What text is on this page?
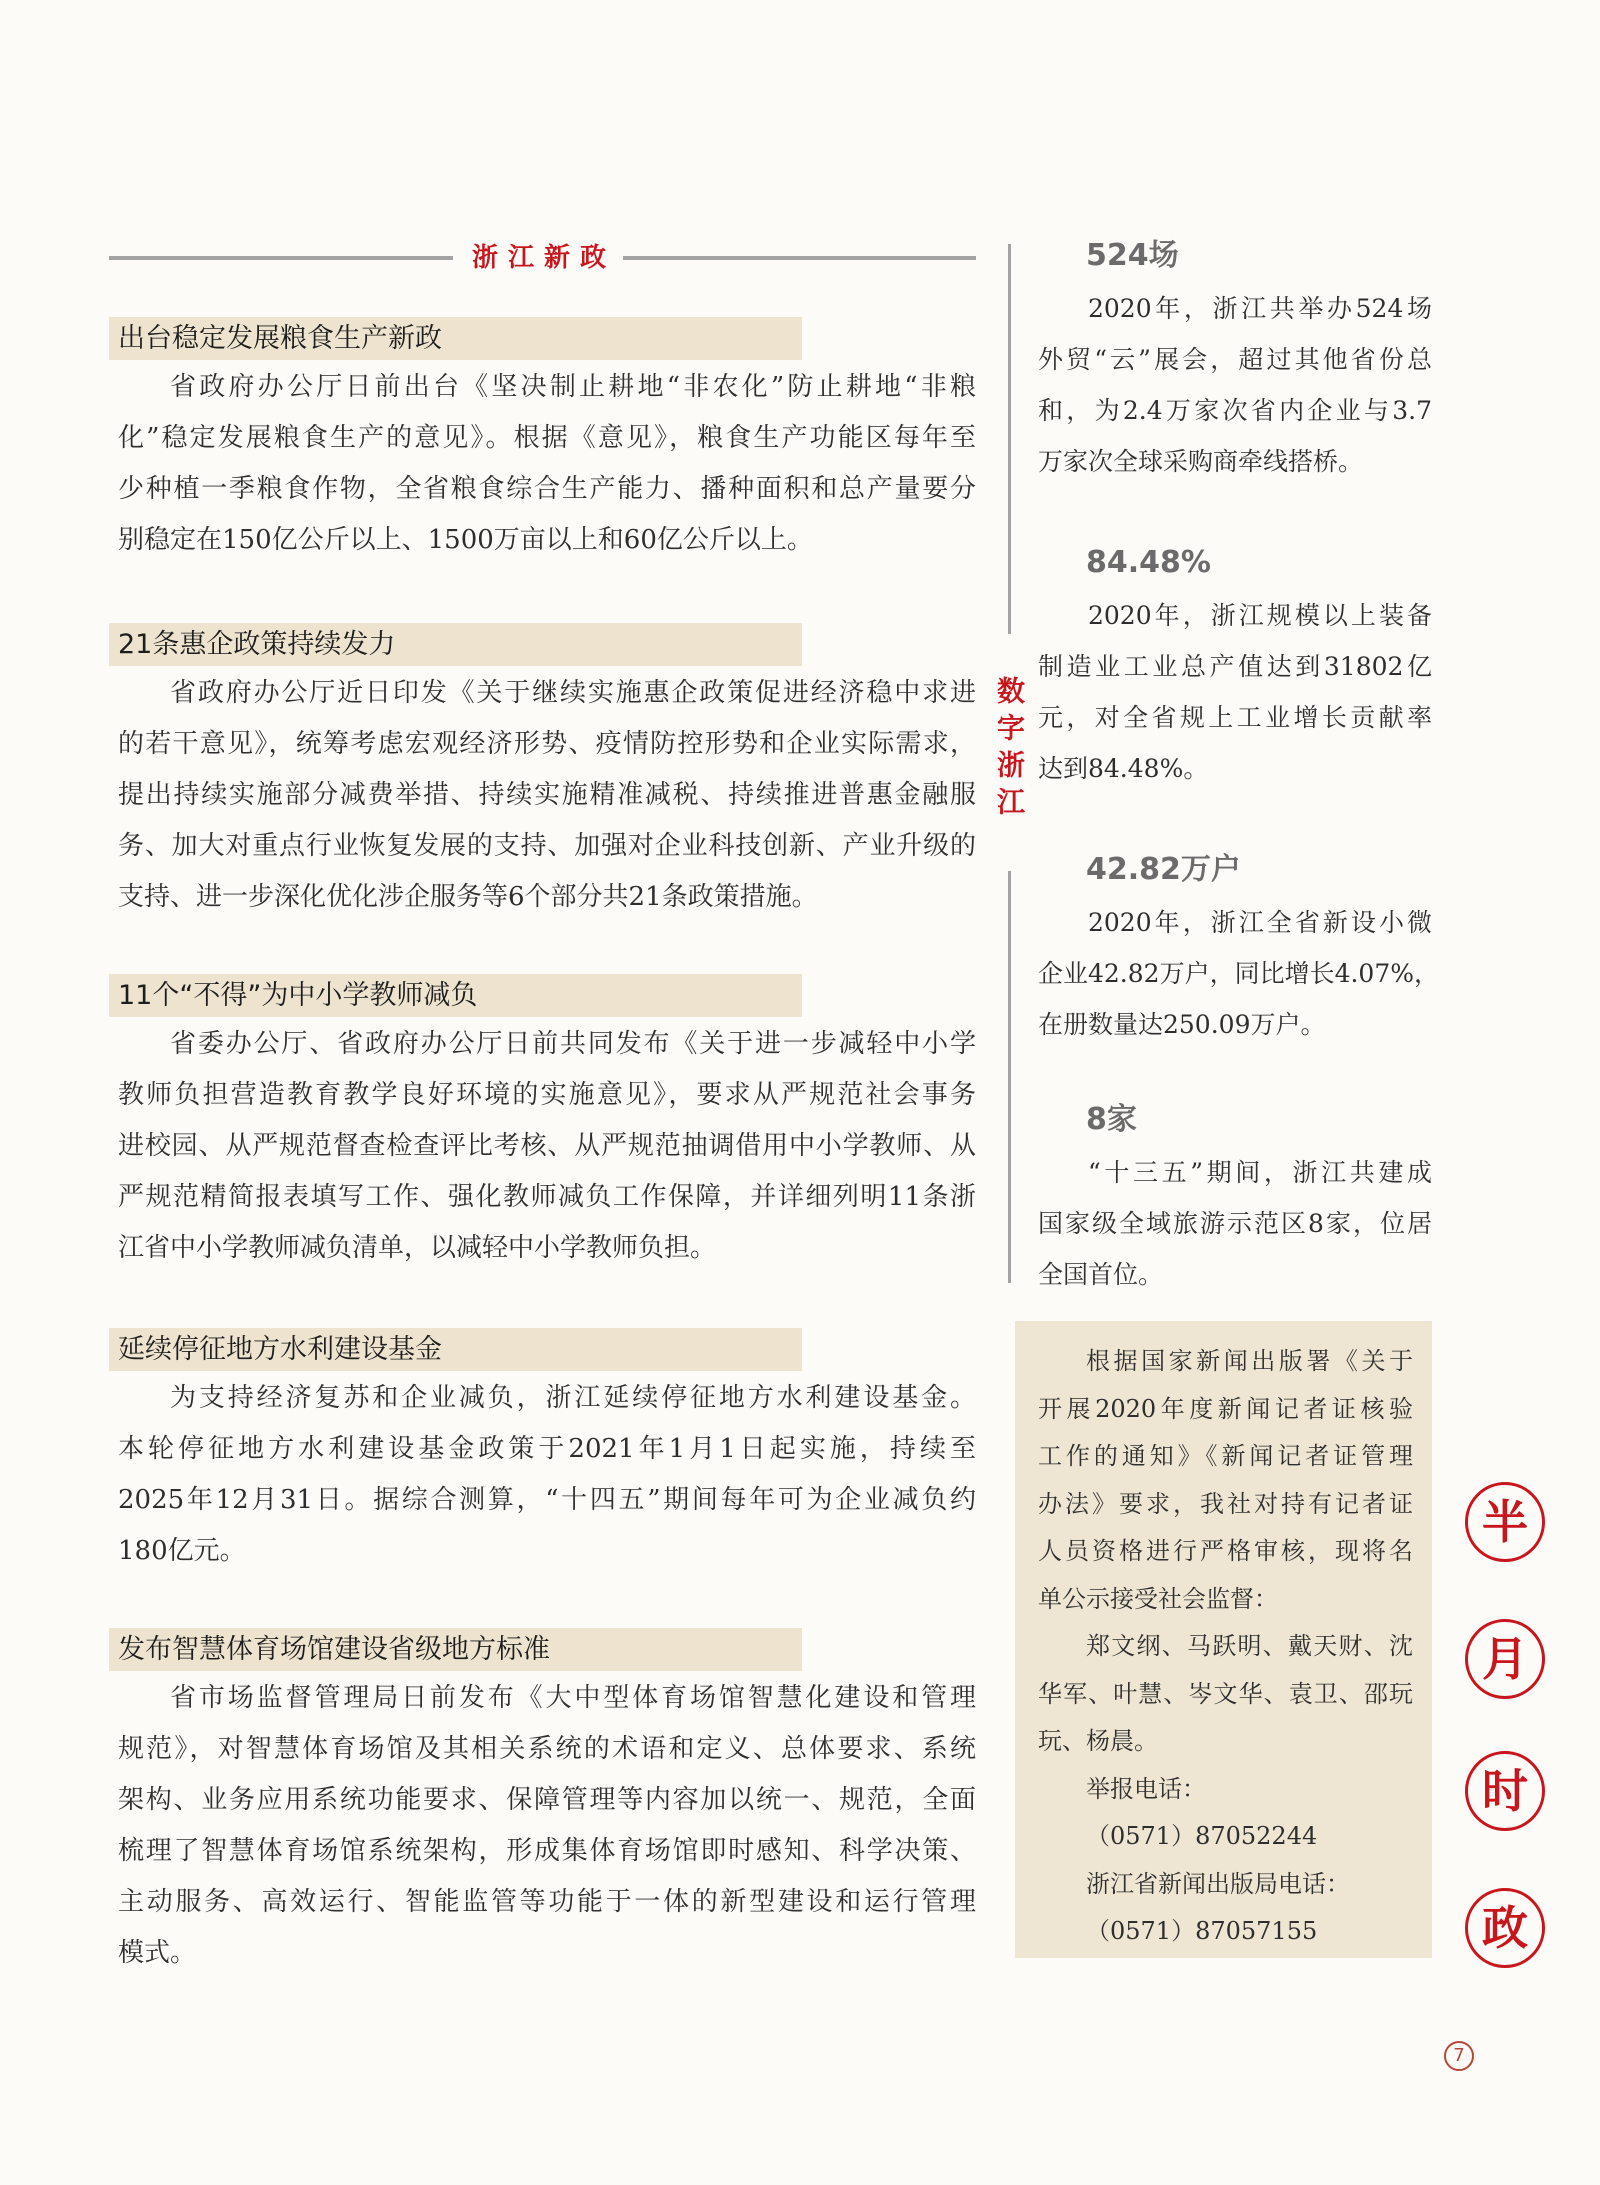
浙江新政
出台稳定发展粮食生产新政
省政府办公厅日前出台《坚决制止耕地“非农化”防止耕地“非粮
化”稳定发展粮食生产的意见》。根据《意见》，粮食生产功能区每年至
少种植一季粮食作物，全省粮食综合生产能力、播种面积和总产量要分
别稳定在150亿公斤以上、1500万亩以上和60亿公斤以上。
21条惠企政策持续发力
省政府办公厅近日印发《关于继续实施惠企政策促进经济稳中求进
的若干意见》，统筹考虑宏观经济形势、疫情防控形势和企业实际需求，
提出持续实施部分减费举措、持续实施精准减税、持续推进普惠金融服
务、加大对重点行业恢复发展的支持、加强对企业科技创新、产业升级的
支持、进一步深化优化涉企服务等6个部分共21条政策措施。
11个“不得”为中小学教师减负
省委办公厅、省政府办公厅日前共同发布《关于进一步减轻中小学
教师负担营造教育教学良好环境的实施意见》，要求从严规范社会事务
进校园、从严规范督查检查评比考核、从严规范抽调借用中小学教师、从
严规范精简报表填写工作、强化教师减负工作保障，并详细列明11条浙
江省中小学教师减负清单，以减轻中小学教师负担。
延续停征地方水利建设基金
为支持经济复苏和企业减负，浙江延续停征地方水利建设基金。
本轮停征地方水利建设基金政策于2021年1月1日起实施，持续至
2025年12月31日。据综合测算，“十四五”期间每年可为企业减负约
180亿元。
发布智慧体育场馆建设省级地方标准
省市场监督管理局日前发布《大中型体育场馆智慧化建设和管理
规范》，对智慧体育场馆及其相关系统的术语和定义、总体要求、系统
架构、业务应用系统功能要求、保障管理等内容加以统一、规范，全面
梳理了智慧体育场馆系统架构，形成集体育场馆即时感知、科学决策、
主动服务、高效运行、智能监管等功能于一体的新型建设和运行管理
模式。
数字浙江
524场
2020年，浙江共举办524场
外贸“云”展会，超过其他省份总
和，为2.4万家次省内企业与3.7
万家次全球采购商牵线搭桥。
84.48%
2020年，浙江规模以上装备
制造业工业总产值达到31802亿
元，对全省规上工业增长贡献率
达到84.48%。
42.82万户
2020年，浙江全省新设小微
企业42.82万户，同比增长4.07%，
在册数量达250.09万户。
8家
“十三五”期间，浙江共建成
国家级全域旅游示范区8家，位居
全国首位。
根据国家新闻出版署《关于
开展2020年度新闻记者证核验
工作的通知》《新闻记者证管理
办法》要求，我社对持有记者证
人员资格进行严格审核，现将名
单公示接受社会监督：
郑文纲、马跃明、戴天财、沈
华军、叶慧、岑文华、袁卫、邵玩
玩、杨晨。
举报电话：
（0571）87052244
浙江省新闻出版局电话：
（0571）87057155
半
月
时
政
7
